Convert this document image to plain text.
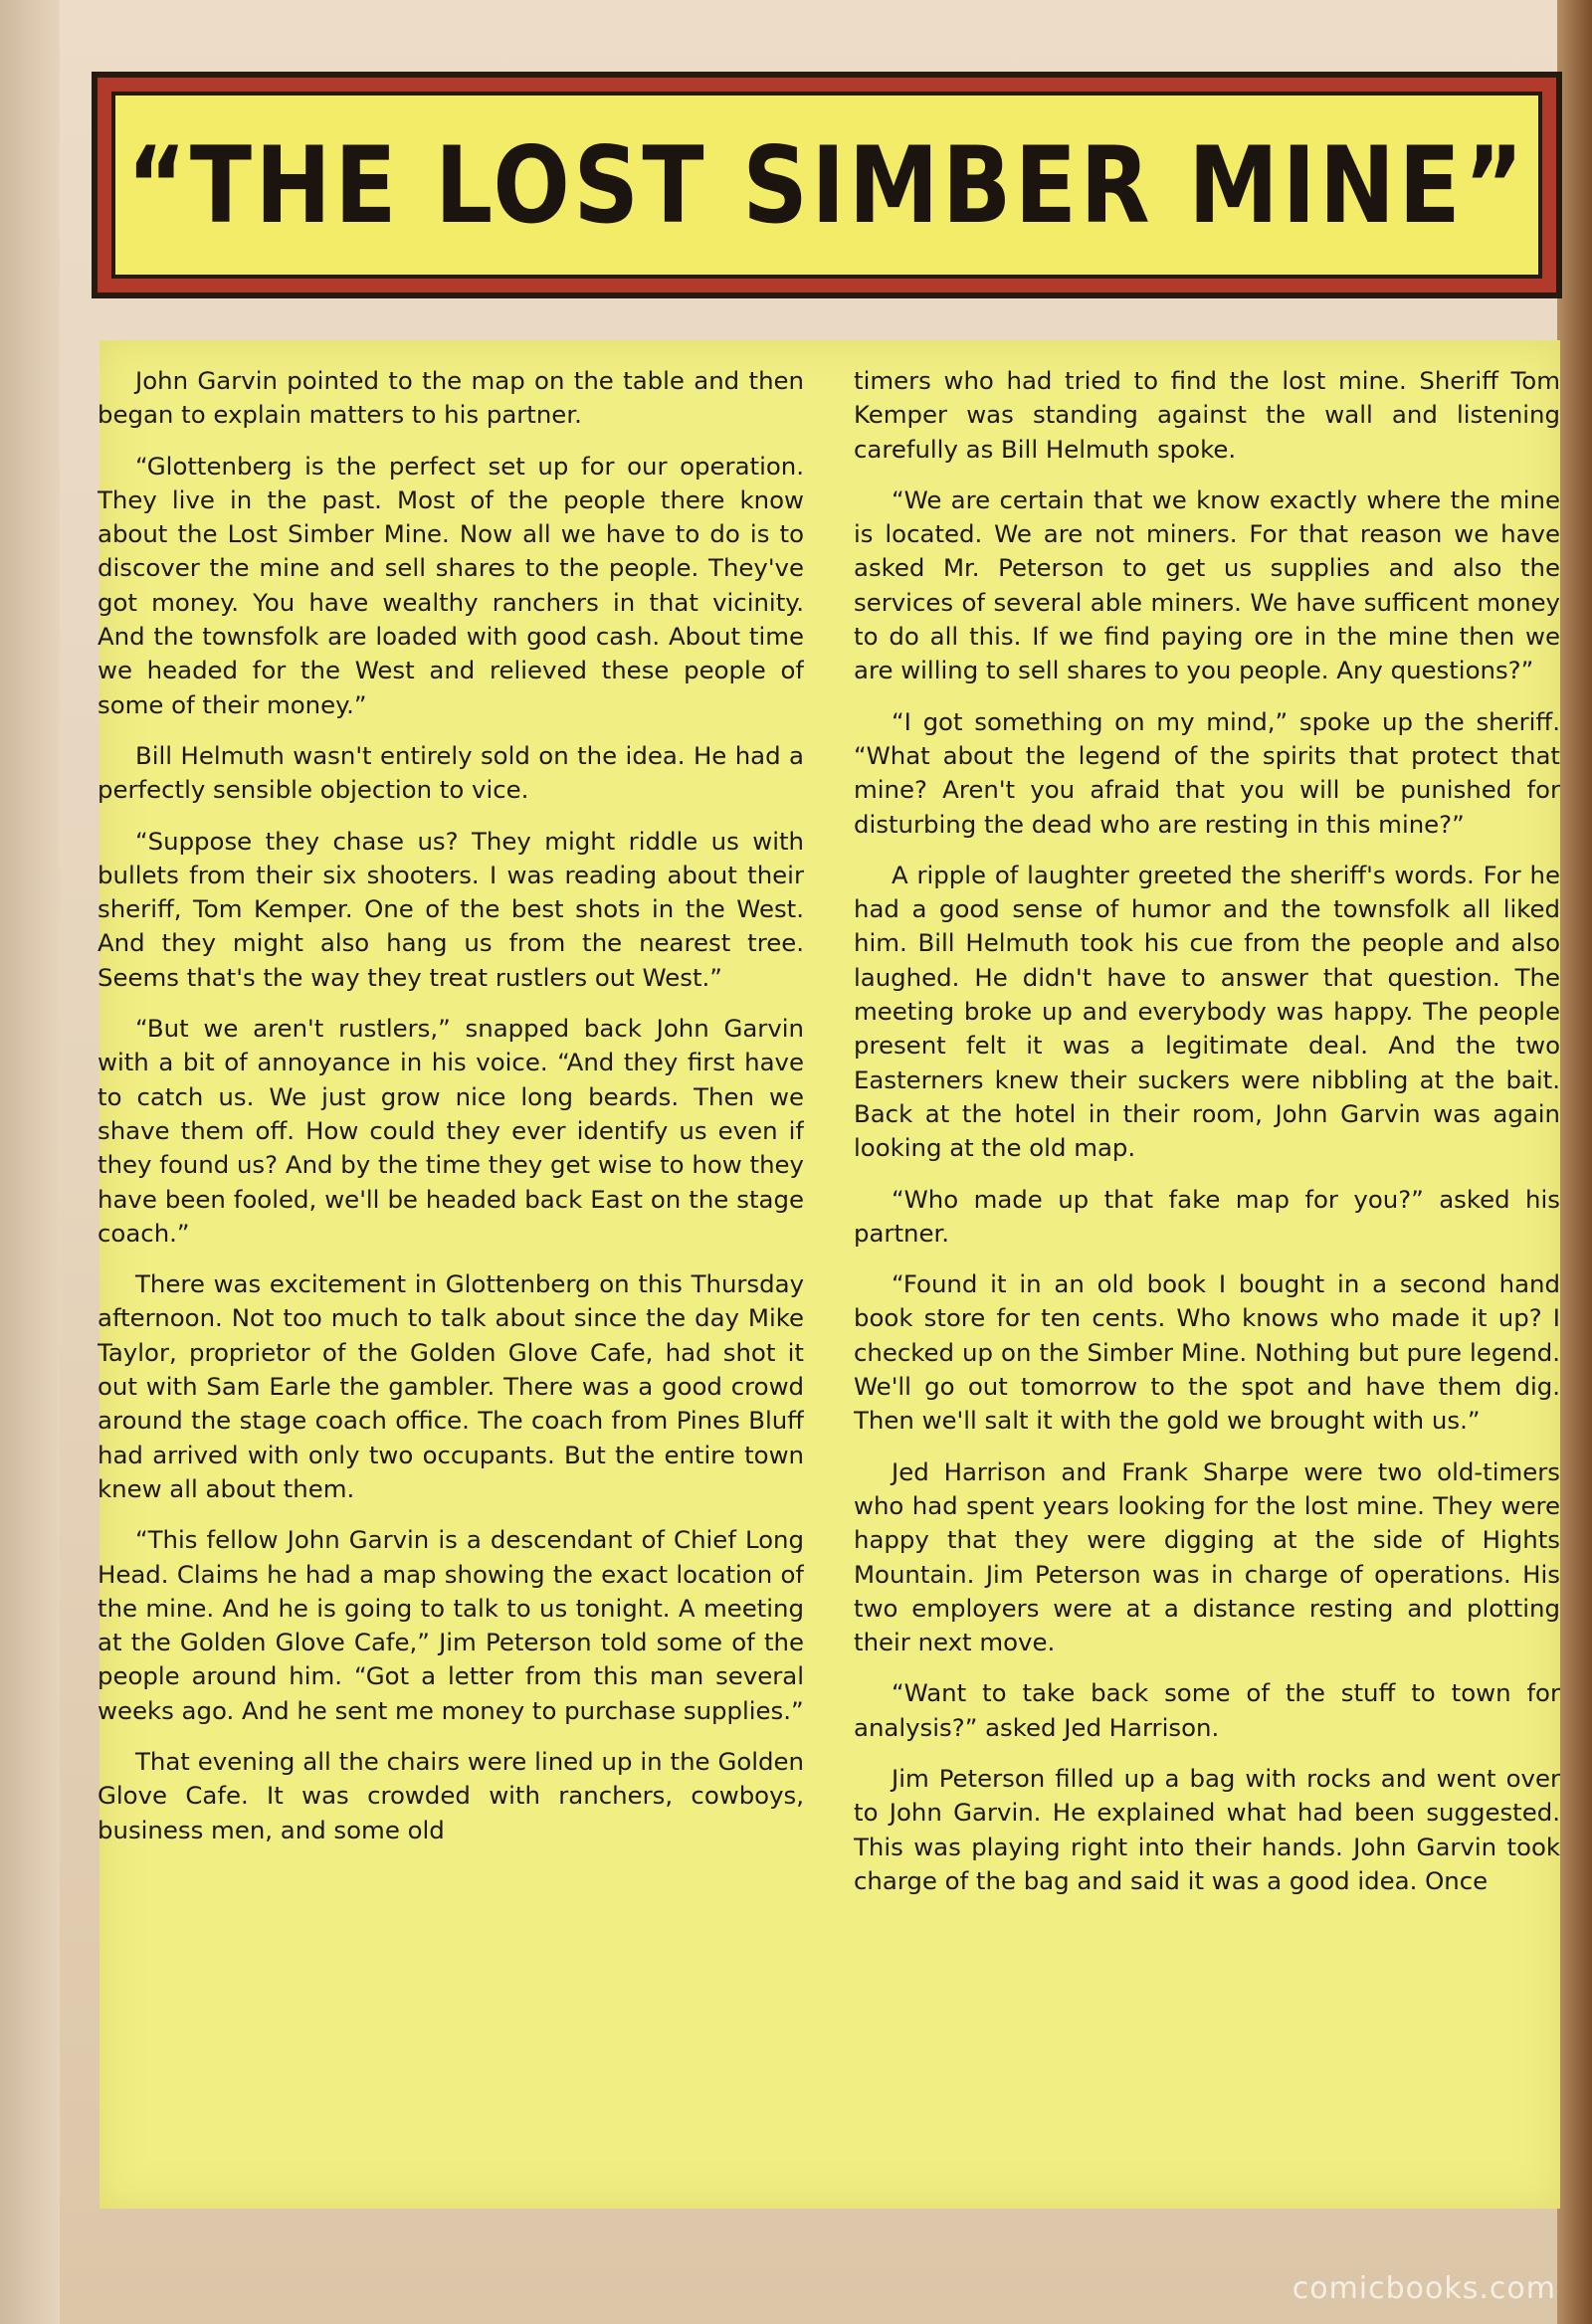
“THE LOST SIMBER MINE”

John Garvin pointed to the map on the table and then began to explain matters to his partner.

“Glottenberg is the perfect set up for our operation. They live in the past. Most of the people there know about the Lost Simber Mine. Now all we have to do is to discover the mine and sell shares to the people. They've got money. You have wealthy ranchers in that vicinity. And the townsfolk are loaded with good cash. About time we headed for the West and relieved these people of some of their money.”

Bill Helmuth wasn't entirely sold on the idea. He had a perfectly sensible objection to vice.

“Suppose they chase us? They might riddle us with bullets from their six shooters. I was reading about their sheriff, Tom Kemper. One of the best shots in the West. And they might also hang us from the nearest tree. Seems that's the way they treat rustlers out West.”

“But we aren't rustlers,” snapped back John Garvin with a bit of annoyance in his voice. “And they first have to catch us. We just grow nice long beards. Then we shave them off. How could they ever identify us even if they found us? And by the time they get wise to how they have been fooled, we'll be headed back East on the stage coach.”

There was excitement in Glottenberg on this Thursday afternoon. Not too much to talk about since the day Mike Taylor, proprietor of the Golden Glove Cafe, had shot it out with Sam Earle the gambler. There was a good crowd around the stage coach office. The coach from Pines Bluff had arrived with only two occupants. But the entire town knew all about them.

“This fellow John Garvin is a descendant of Chief Long Head. Claims he had a map showing the exact location of the mine. And he is going to talk to us tonight. A meeting at the Golden Glove Cafe,” Jim Peterson told some of the people around him. “Got a letter from this man several weeks ago. And he sent me money to purchase supplies.”

That evening all the chairs were lined up in the Golden Glove Cafe. It was crowded with ranchers, cowboys, business men, and some old

timers who had tried to find the lost mine. Sheriff Tom Kemper was standing against the wall and listening carefully as Bill Helmuth spoke.

“We are certain that we know exactly where the mine is located. We are not miners. For that reason we have asked Mr. Peterson to get us supplies and also the services of several able miners. We have sufficent money to do all this. If we find paying ore in the mine then we are willing to sell shares to you people. Any questions?”

“I got something on my mind,” spoke up the sheriff. “What about the legend of the spirits that protect that mine? Aren't you afraid that you will be punished for disturbing the dead who are resting in this mine?”

A ripple of laughter greeted the sheriff's words. For he had a good sense of humor and the townsfolk all liked him. Bill Helmuth took his cue from the people and also laughed. He didn't have to answer that question. The meeting broke up and everybody was happy. The people present felt it was a legitimate deal. And the two Easterners knew their suckers were nibbling at the bait. Back at the hotel in their room, John Garvin was again looking at the old map.

“Who made up that fake map for you?” asked his partner.

“Found it in an old book I bought in a second hand book store for ten cents. Who knows who made it up? I checked up on the Simber Mine. Nothing but pure legend. We'll go out tomorrow to the spot and have them dig. Then we'll salt it with the gold we brought with us.”

Jed Harrison and Frank Sharpe were two old-timers who had spent years looking for the lost mine. They were happy that they were digging at the side of Hights Mountain. Jim Peterson was in charge of operations. His two employers were at a distance resting and plotting their next move.

“Want to take back some of the stuff to town for analysis?” asked Jed Harrison.

Jim Peterson filled up a bag with rocks and went over to John Garvin. He explained what had been suggested. This was playing right into their hands. John Garvin took charge of the bag and said it was a good idea. Once

comicbooks.com
